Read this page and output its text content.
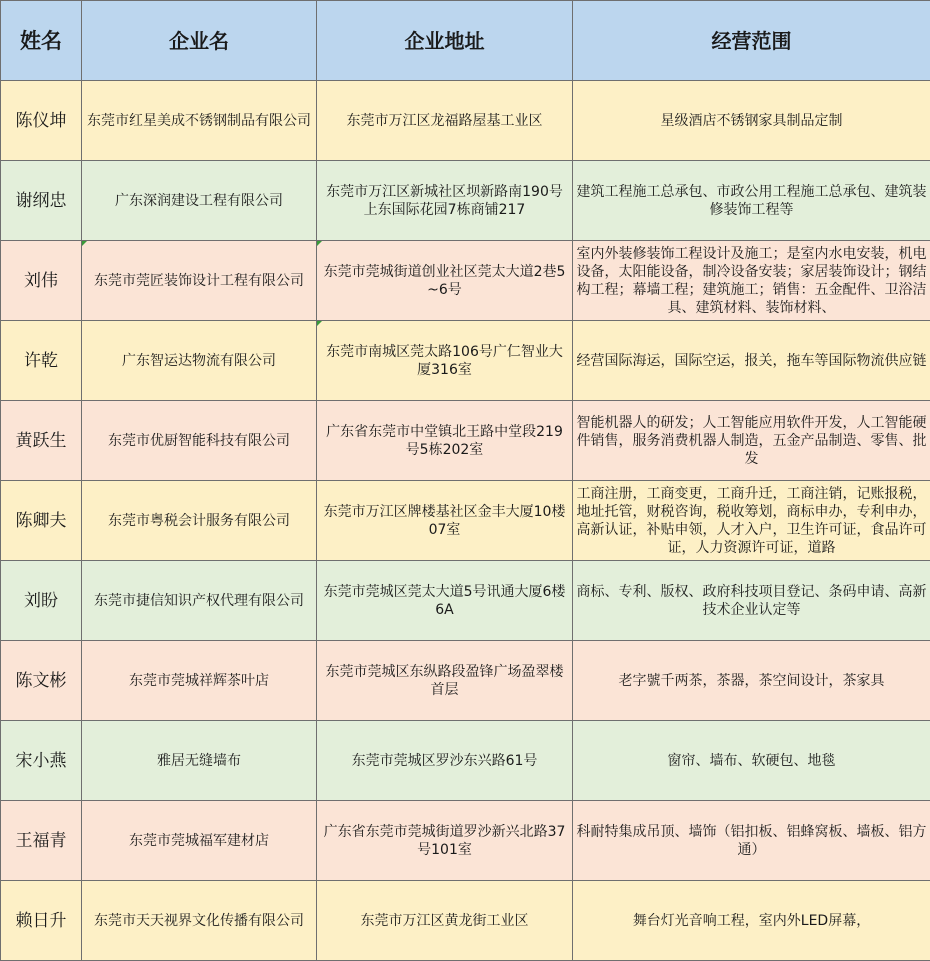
姓名	企业名	企业地址	经营范围
陈仪坤	东莞市红星美成不锈钢制品有限公司	东莞市万江区龙福路屋基工业区	星级酒店不锈钢家具制品定制

谢纲忠	广东深润建设工程有限公司	东莞市万江区新城社区坝新路南190号上东国际花园7栋商铺217	建筑工程施工总承包、市政公用工程施工总承包、建筑装修装饰工程等

刘伟	东莞市莞匠装饰设计工程有限公司	东莞市莞城街道创业社区莞太大道2巷5~6号	室内外装修装饰工程设计及施工；是室内水电安装，机电设备，太阳能设备，制冷设备安装；家居装饰设计；钢结构工程；幕墙工程；建筑施工；销售：五金配件、卫浴洁具、建筑材料、装饰材料、

许乾	广东智运达物流有限公司	东莞市南城区莞太路106号广仁智业大厦316室	经营国际海运，国际空运，报关，拖车等国际物流供应链

黄跃生	东莞市优厨智能科技有限公司	广东省东莞市中堂镇北王路中堂段219号5栋202室	智能机器人的研发；人工智能应用软件开发，人工智能硬件销售，服务消费机器人制造，五金产品制造、零售、批发

陈卿夫	东莞市粤税会计服务有限公司	东莞市万江区牌楼基社区金丰大厦10楼07室	工商注册，工商变更，工商升迁，工商注销，记账报税，地址托管，财税咨询，税收筹划，商标申办，专利申办，高新认证，补贴申领，人才入户，卫生许可证，食品许可证，人力资源许可证，道路

刘盼	东莞市捷信知识产权代理有限公司	东莞市莞城区莞太大道5号讯通大厦6楼6A	商标、专利、版权、政府科技项目登记、条码申请、高新技术企业认定等

陈文彬	东莞市莞城祥辉茶叶店	东莞市莞城区东纵路段盈锋广场盈翠楼首层	老字號千两茶，茶器，茶空间设计，茶家具

宋小燕	雅居无缝墙布	东莞市莞城区罗沙东兴路61号	窗帘、墙布、软硬包、地毯

王福青	东莞市莞城福军建材店	广东省东莞市莞城街道罗沙新兴北路37号101室	科耐特集成吊顶、墙饰（铝扣板、铝蜂窝板、墙板、铝方通）

赖日升	东莞市天天视界文化传播有限公司	东莞市万江区黄龙街工业区	舞台灯光音响工程，室内外LED屏幕，
